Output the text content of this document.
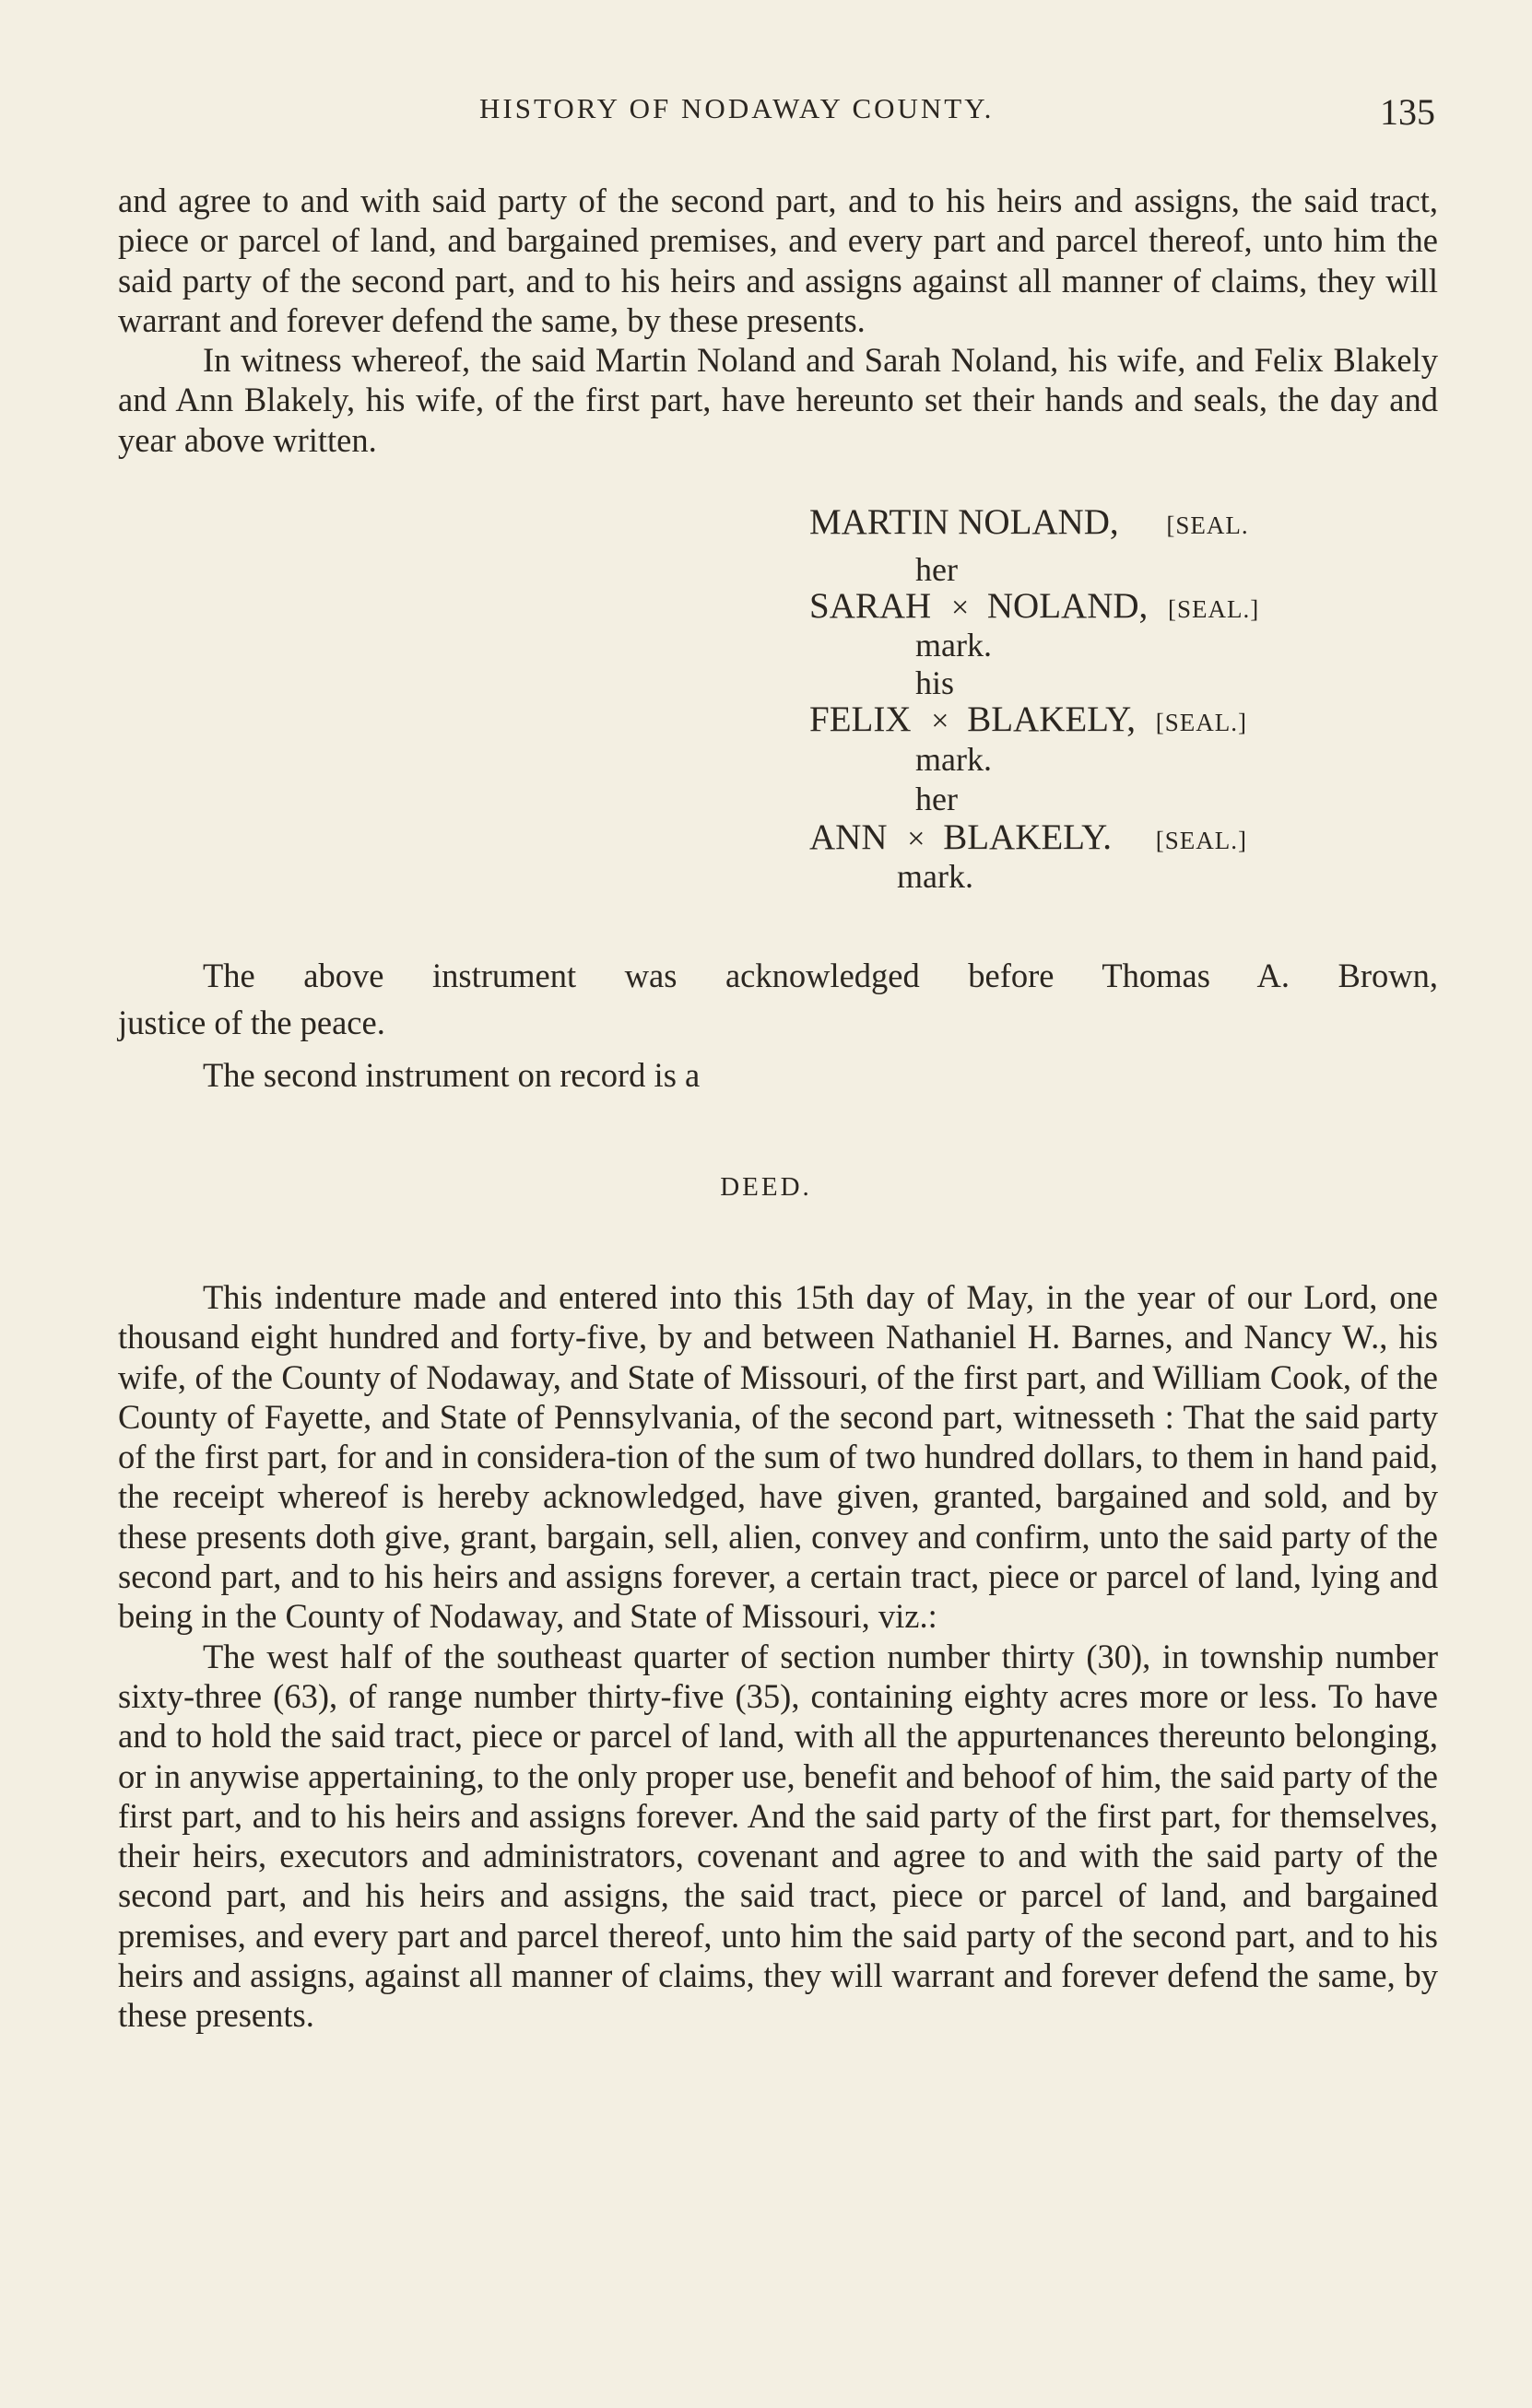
HISTORY OF NODAWAY COUNTY.	135

and agree to and with said party of the second part, and to his heirs and assigns, the said tract, piece or parcel of land, and bargained premises, and every part and parcel thereof, unto him the said party of the second part, and to his heirs and assigns against all manner of claims, they will warrant and forever defend the same, by these presents.

In witness whereof, the said Martin Noland and Sarah Noland, his wife, and Felix Blakely and Ann Blakely, his wife, of the first part, have hereunto set their hands and seals, the day and year above written.

MARTIN NOLAND, [SEAL.
her
SARAH × NOLAND, [SEAL.]
mark.
his
FELIX × BLAKELY, [SEAL.]
mark.
her
ANN × BLAKELY. [SEAL.]
mark.

The above instrument was acknowledged before Thomas A. Brown,

justice of the peace.

The second instrument on record is a

DEED.

This indenture made and entered into this 15th day of May, in the year of our Lord, one thousand eight hundred and forty-five, by and between Nathaniel H. Barnes, and Nancy W., his wife, of the County of Nodaway, and State of Missouri, of the first part, and William Cook, of the County of Fayette, and State of Pennsylvania, of the second part, witnesseth : That the said party of the first part, for and in considera-tion of the sum of two hundred dollars, to them in hand paid, the receipt whereof is hereby acknowledged, have given, granted, bargained and sold, and by these presents doth give, grant, bargain, sell, alien, convey and confirm, unto the said party of the second part, and to his heirs and assigns forever, a certain tract, piece or parcel of land, lying and being in the County of Nodaway, and State of Missouri, viz.:

The west half of the southeast quarter of section number thirty (30), in township number sixty-three (63), of range number thirty-five (35), containing eighty acres more or less. To have and to hold the said tract, piece or parcel of land, with all the appurtenances thereunto belonging, or in anywise appertaining, to the only proper use, benefit and behoof of him, the said party of the first part, and to his heirs and assigns forever. And the said party of the first part, for themselves, their heirs, executors and administrators, covenant and agree to and with the said party of the second part, and his heirs and assigns, the said tract, piece or parcel of land, and bargained premises, and every part and parcel thereof, unto him the said party of the second part, and to his heirs and assigns, against all manner of claims, they will warrant and forever defend the same, by these presents.
